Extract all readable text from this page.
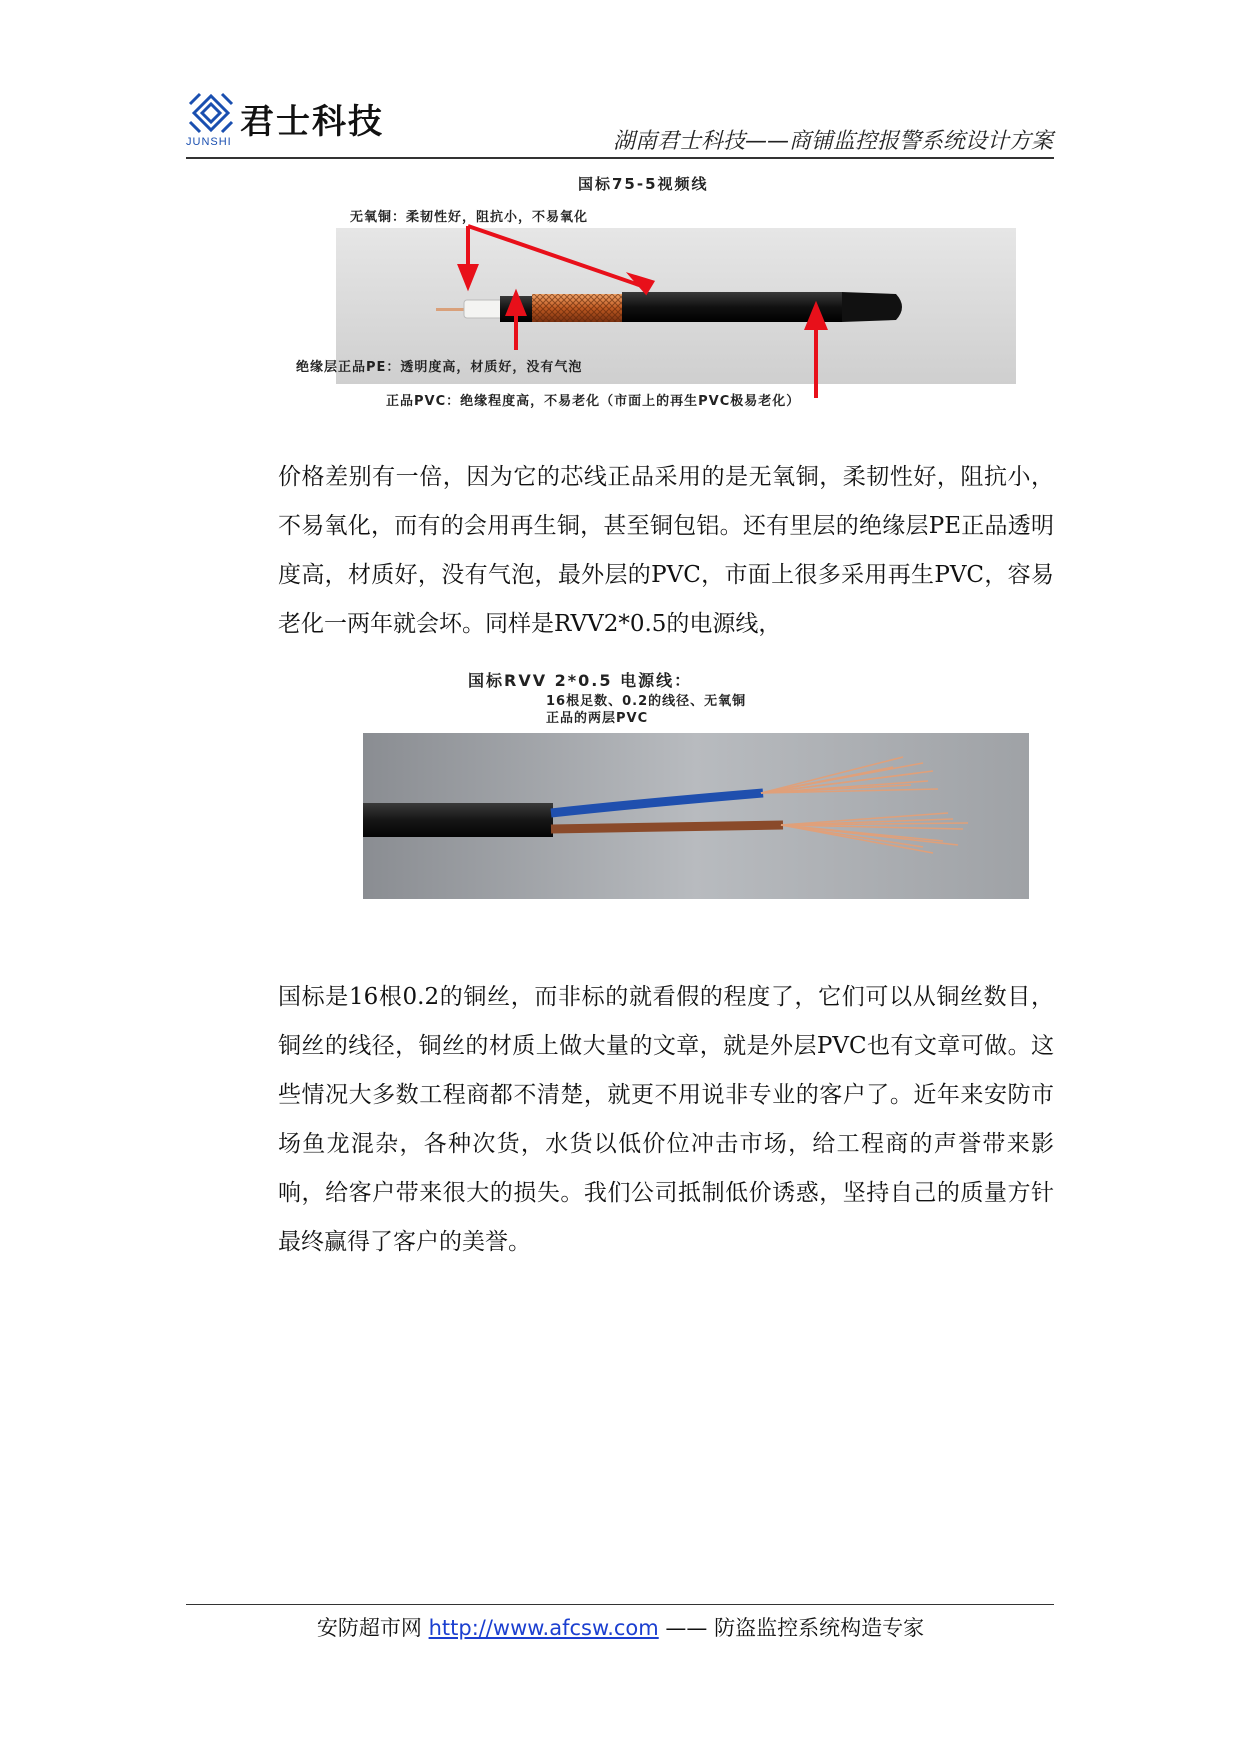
君士科技
JUNSHI	湖南君士科技——商铺监控报警系统设计方案
国标75-5视频线
无氧铜：柔韧性好，阻抗小，不易氧化
绝缘层正品PE：透明度高，材质好，没有气泡
正品PVC：绝缘程度高，不易老化（市面上的再生PVC极易老化）
价格差别有一倍，因为它的芯线正品采用的是无氧铜，柔韧性好，阻抗小，不易氧化，而有的会用再生铜，甚至铜包铝。还有里层的绝缘层PE正品透明度高，材质好，没有气泡，最外层的PVC，市面上很多采用再生PVC，容易老化一两年就会坏。同样是RVV2*0.5的电源线，
国标RVV 2*0.5 电源线：
16根足数、0.2的线径、无氧铜
正品的两层PVC
国标是16根0.2的铜丝，而非标的就看假的程度了，它们可以从铜丝数目，铜丝的线径，铜丝的材质上做大量的文章，就是外层PVC也有文章可做。这些情况大多数工程商都不清楚，就更不用说非专业的客户了。近年来安防市场鱼龙混杂，各种次货，水货以低价位冲击市场，给工程商的声誉带来影响，给客户带来很大的损失。我们公司抵制低价诱惑，坚持自己的质量方针最终赢得了客户的美誉。
安防超市网 http://www.afcsw.com —— 防盗监控系统构造专家
